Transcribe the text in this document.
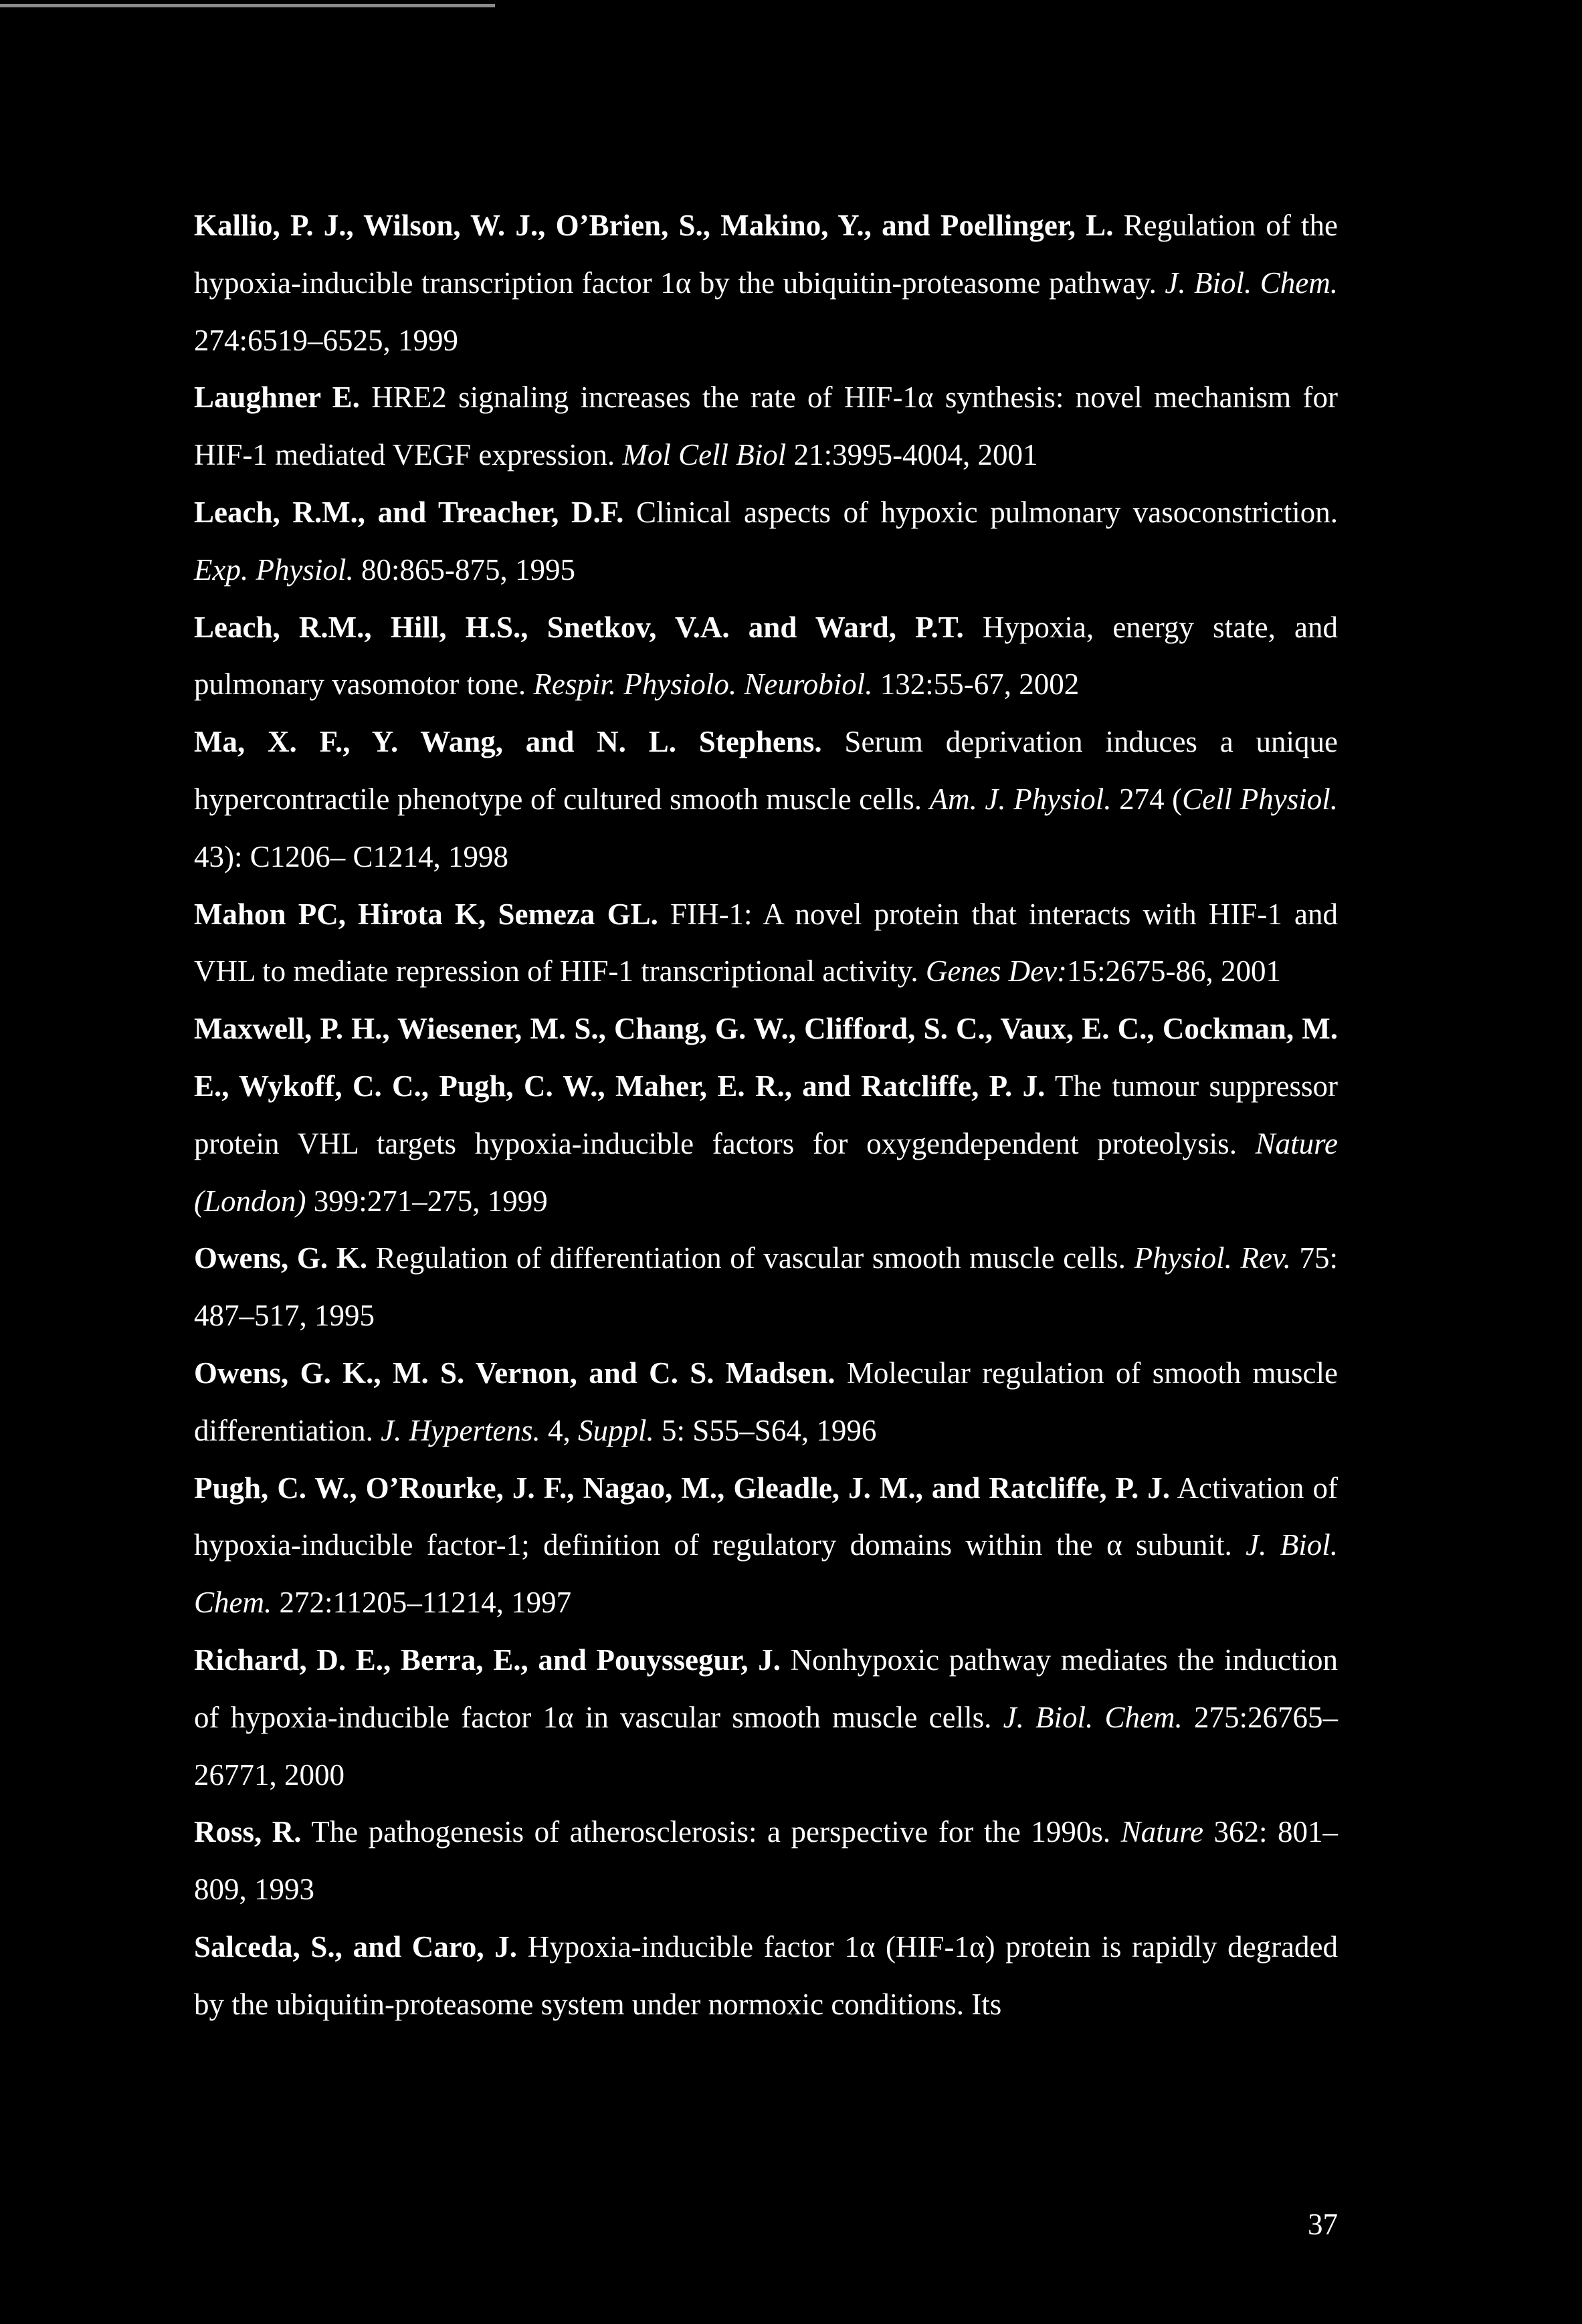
Kallio, P. J., Wilson, W. J., O’Brien, S., Makino, Y., and Poellinger, L. Regulation of the hypoxia-inducible transcription factor 1α by the ubiquitin-proteasome pathway. J. Biol. Chem. 274:6519–6525, 1999
Laughner E. HRE2 signaling increases the rate of HIF-1α synthesis: novel mechanism for HIF-1 mediated VEGF expression. Mol Cell Biol 21:3995-4004, 2001
Leach, R.M., and Treacher, D.F. Clinical aspects of hypoxic pulmonary vasoconstriction. Exp. Physiol. 80:865-875, 1995
Leach, R.M., Hill, H.S., Snetkov, V.A. and Ward, P.T. Hypoxia, energy state, and pulmonary vasomotor tone. Respir. Physiolo. Neurobiol. 132:55-67, 2002
Ma, X. F., Y. Wang, and N. L. Stephens. Serum deprivation induces a unique hypercontractile phenotype of cultured smooth muscle cells. Am. J. Physiol. 274 (Cell Physiol. 43): C1206– C1214, 1998
Mahon PC, Hirota K, Semeza GL. FIH-1: A novel protein that interacts with HIF-1 and VHL to mediate repression of HIF-1 transcriptional activity. Genes Dev:15:2675-86, 2001
Maxwell, P. H., Wiesener, M. S., Chang, G. W., Clifford, S. C., Vaux, E. C., Cockman, M. E., Wykoff, C. C., Pugh, C. W., Maher, E. R., and Ratcliffe, P. J. The tumour suppressor protein VHL targets hypoxia-inducible factors for oxygendependent proteolysis. Nature (London) 399:271–275, 1999
Owens, G. K. Regulation of differentiation of vascular smooth muscle cells. Physiol. Rev. 75: 487–517, 1995
Owens, G. K., M. S. Vernon, and C. S. Madsen. Molecular regulation of smooth muscle differentiation. J. Hypertens. 4, Suppl. 5: S55–S64, 1996
Pugh, C. W., O’Rourke, J. F., Nagao, M., Gleadle, J. M., and Ratcliffe, P. J. Activation of hypoxia-inducible factor-1; definition of regulatory domains within the α subunit. J. Biol. Chem. 272:11205–11214, 1997
Richard, D. E., Berra, E., and Pouyssegur, J. Nonhypoxic pathway mediates the induction of hypoxia-inducible factor 1α in vascular smooth muscle cells. J. Biol. Chem. 275:26765–26771, 2000
Ross, R. The pathogenesis of atherosclerosis: a perspective for the 1990s. Nature 362: 801–809, 1993
Salceda, S., and Caro, J. Hypoxia-inducible factor 1α (HIF-1α) protein is rapidly degraded by the ubiquitin-proteasome system under normoxic conditions. Its
37
